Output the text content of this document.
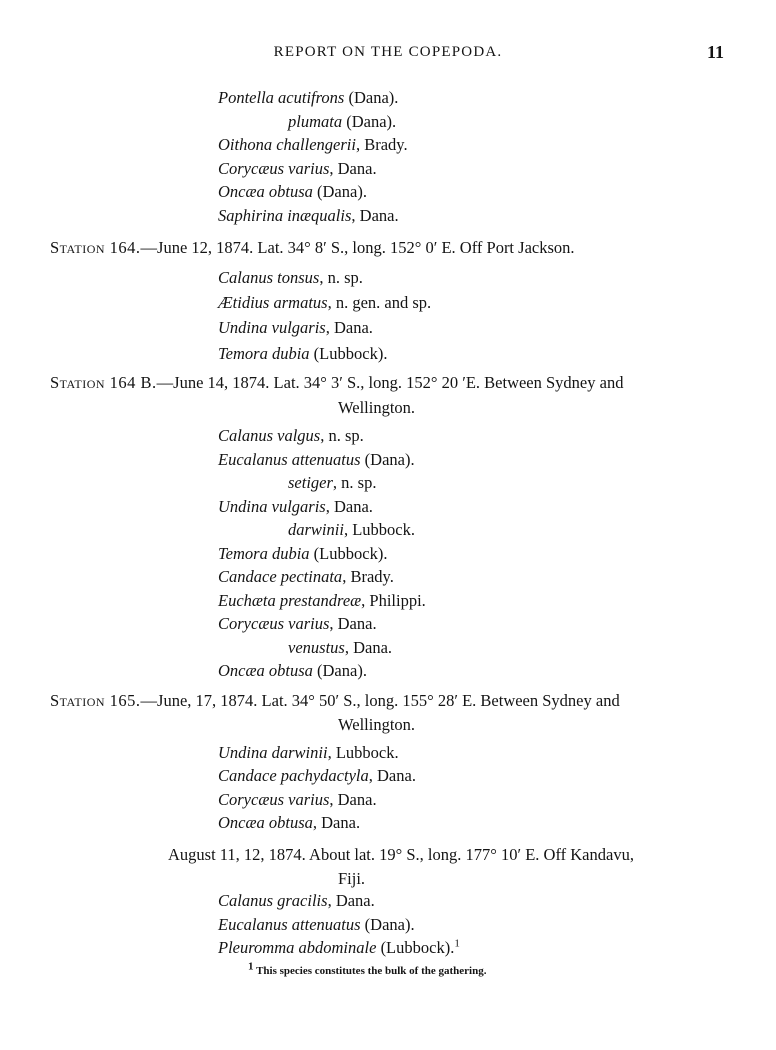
REPORT ON THE COPEPODA.	11
Station 164.—June 12, 1874. Lat. 34° 8′ S., long. 152° 0′ E. Off Port Jackson.
Station 164 B.—June 14, 1874. Lat. 34° 3′ S., long. 152° 20 ′E. Between Sydney and
Wellington.
Station 165.—June, 17, 1874. Lat. 34° 50′ S., long. 155° 28′ E. Between Sydney and
Wellington.
August 11, 12, 1874. About lat. 19° S., long. 177° 10′ E. Off Kandavu,
Fiji.
Pontella acutifrons (Dana).
plumata (Dana).
Oithona challengerii, Brady.
Corycæus varius, Dana.
Oncæa obtusa (Dana).
Saphirina inæqualis, Dana.
Calanus tonsus, n. sp.
Ætidius armatus, n. gen. and sp.
Undina vulgaris, Dana.
Temora dubia (Lubbock).
Calanus valgus, n. sp.
Eucalanus attenuatus (Dana).
setiger, n. sp.
Undina vulgaris, Dana.
darwinii, Lubbock.
Temora dubia (Lubbock).
Candace pectinata, Brady.
Euchæta prestandreæ, Philippi.
Corycæus varius, Dana.
venustus, Dana.
Oncæa obtusa (Dana).
Undina darwinii, Lubbock.
Candace pachydactyla, Dana.
Corycæus varius, Dana.
Oncæa obtusa, Dana.
Calanus gracilis, Dana.
Eucalanus attenuatus (Dana).
Pleuromma abdominale (Lubbock).$^1$
1 This species constitutes the bulk of the gathering.
